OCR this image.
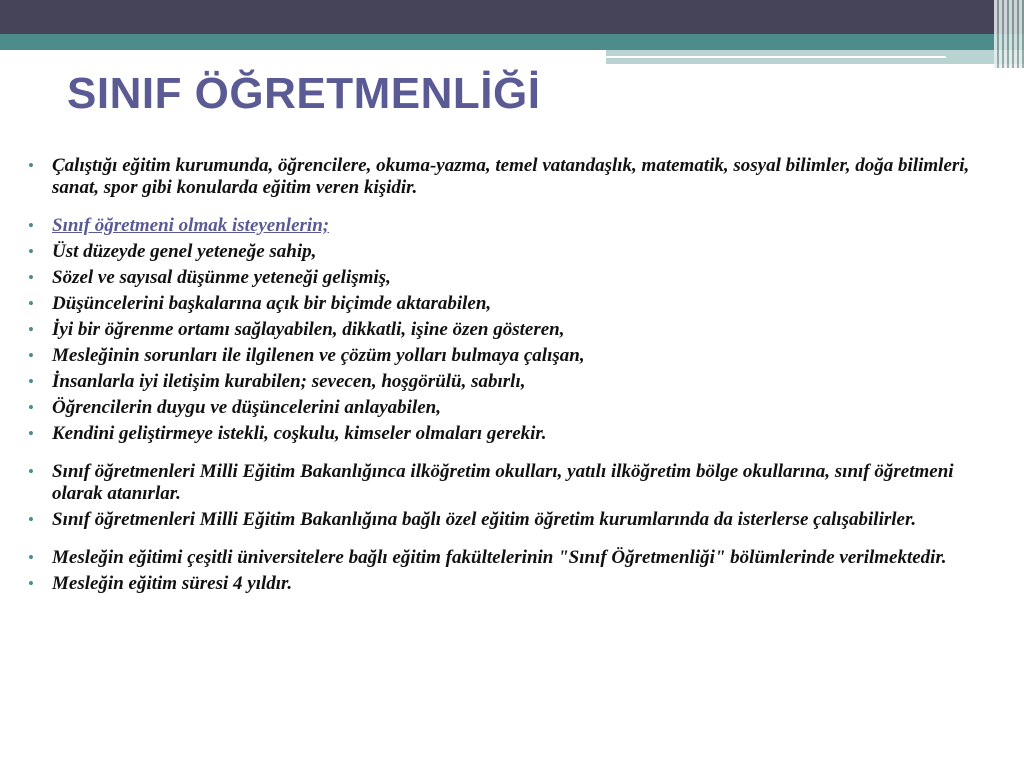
SINIF ÖĞRETMENLİĞİ
• Çalıştığı eğitim kurumunda, öğrencilere, okuma-yazma, temel vatandaşlık, matematik, sosyal bilimler, doğa bilimleri, sanat, spor gibi konularda eğitim veren kişidir.
• Sınıf öğretmeni olmak isteyenlerin;
• Üst düzeyde genel yeteneğe sahip,
• Sözel ve sayısal düşünme yeteneği gelişmiş,
• Düşüncelerini başkalarına açık bir biçimde aktarabilen,
• İyi bir öğrenme ortamı sağlayabilen, dikkatli, işine özen gösteren,
• Mesleğinin sorunları ile ilgilenen ve çözüm yolları bulmaya çalışan,
• İnsanlarla iyi iletişim kurabilen; sevecen, hoşgörülü, sabırlı,
• Öğrencilerin duygu ve düşüncelerini anlayabilen,
• Kendini geliştirmeye istekli, coşkulu, kimseler olmaları gerekir.
• Sınıf öğretmenleri Milli Eğitim Bakanlığınca ilköğretim okulları, yatılı ilköğretim bölge okullarına, sınıf öğretmeni olarak atanırlar.
• Sınıf öğretmenleri Milli Eğitim Bakanlığına bağlı özel eğitim öğretim kurumlarında da isterlerse çalışabilirler.
• Mesleğin eğitimi çeşitli üniversitelere bağlı eğitim fakültelerinin "Sınıf Öğretmenliği" bölümlerinde verilmektedir.
• Mesleğin eğitim süresi 4 yıldır.
